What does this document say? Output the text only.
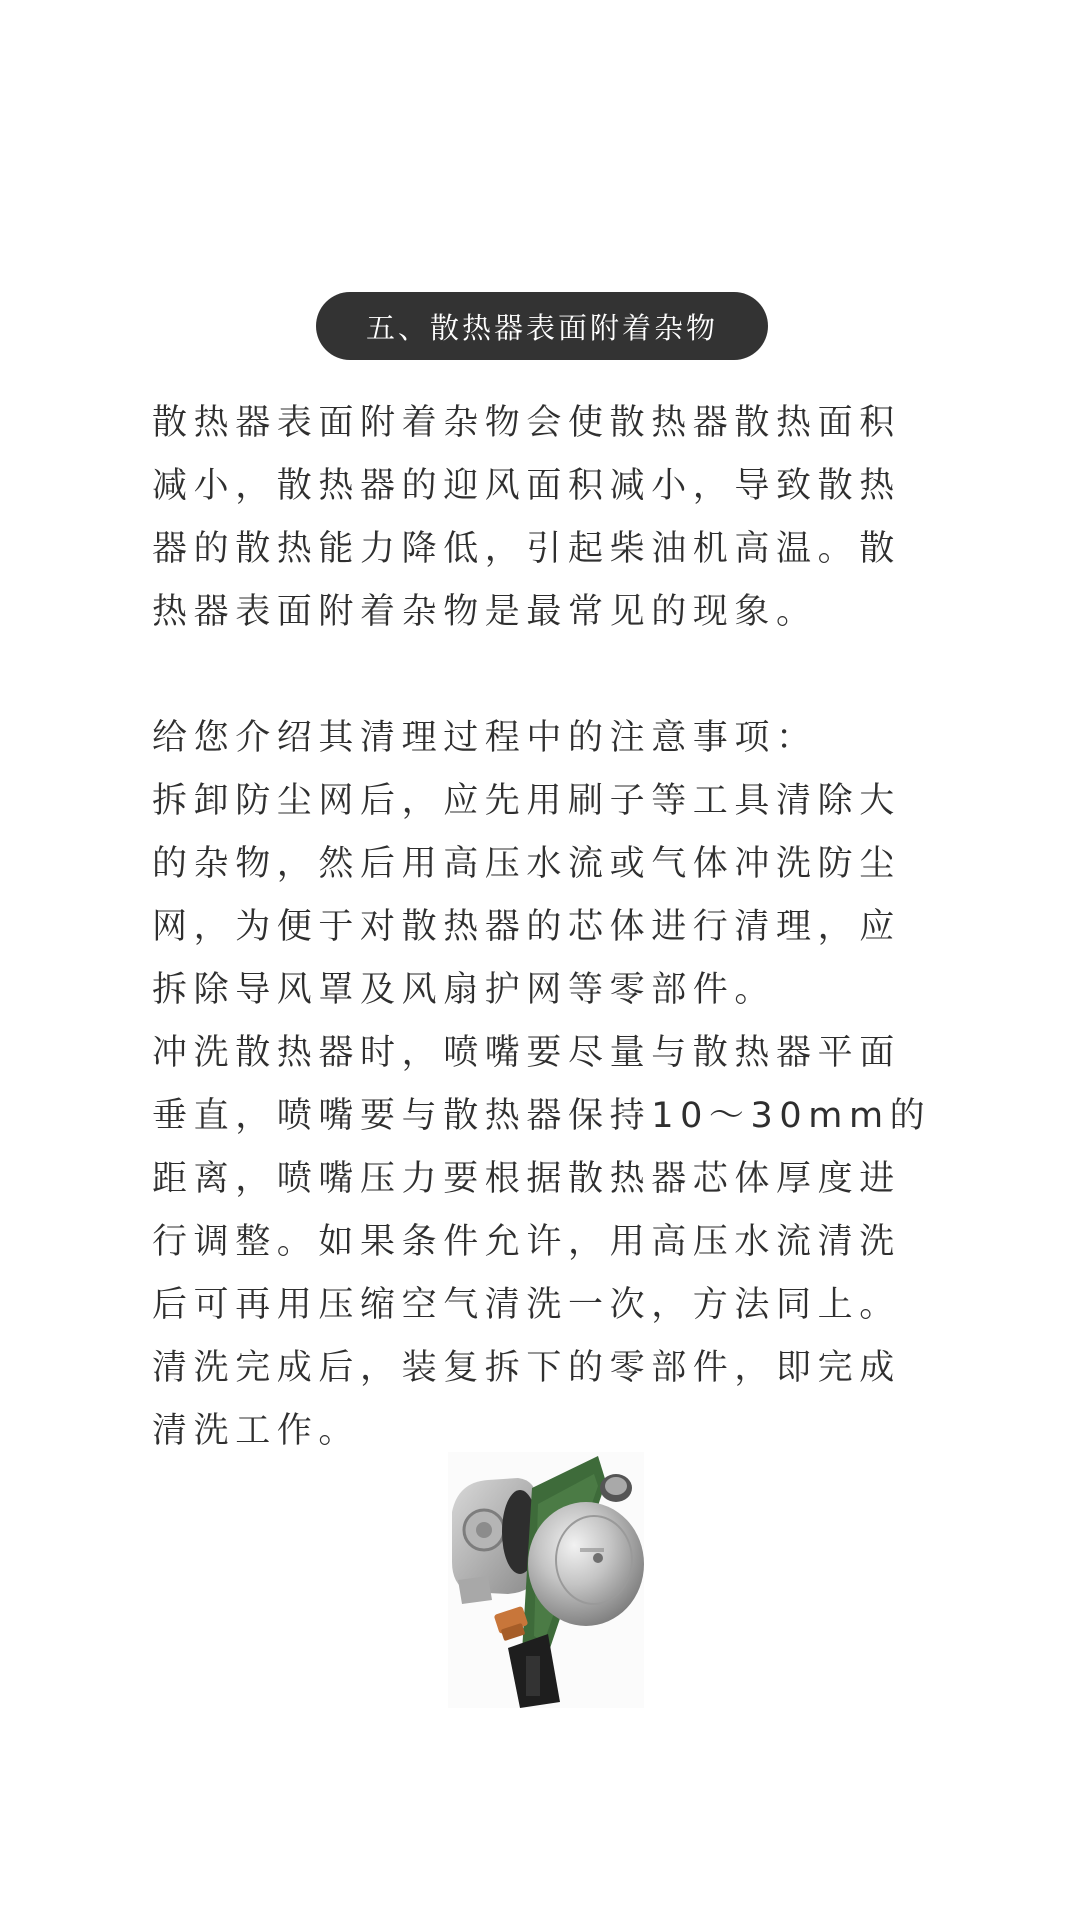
五、散热器表面附着杂物
散热器表面附着杂物会使散热器散热面积
减小，散热器的迎风面积减小，导致散热
器的散热能力降低，引起柴油机高温。散
热器表面附着杂物是最常见的现象。
给您介绍其清理过程中的注意事项：
拆卸防尘网后，应先用刷子等工具清除大
的杂物，然后用高压水流或气体冲洗防尘
网，为便于对散热器的芯体进行清理，应
拆除导风罩及风扇护网等零部件。
冲洗散热器时，喷嘴要尽量与散热器平面
垂直，喷嘴要与散热器保持10～30mm的
距离，喷嘴压力要根据散热器芯体厚度进
行调整。如果条件允许，用高压水流清洗
后可再用压缩空气清洗一次，方法同上。
清洗完成后，装复拆下的零部件，即完成
清洗工作。
